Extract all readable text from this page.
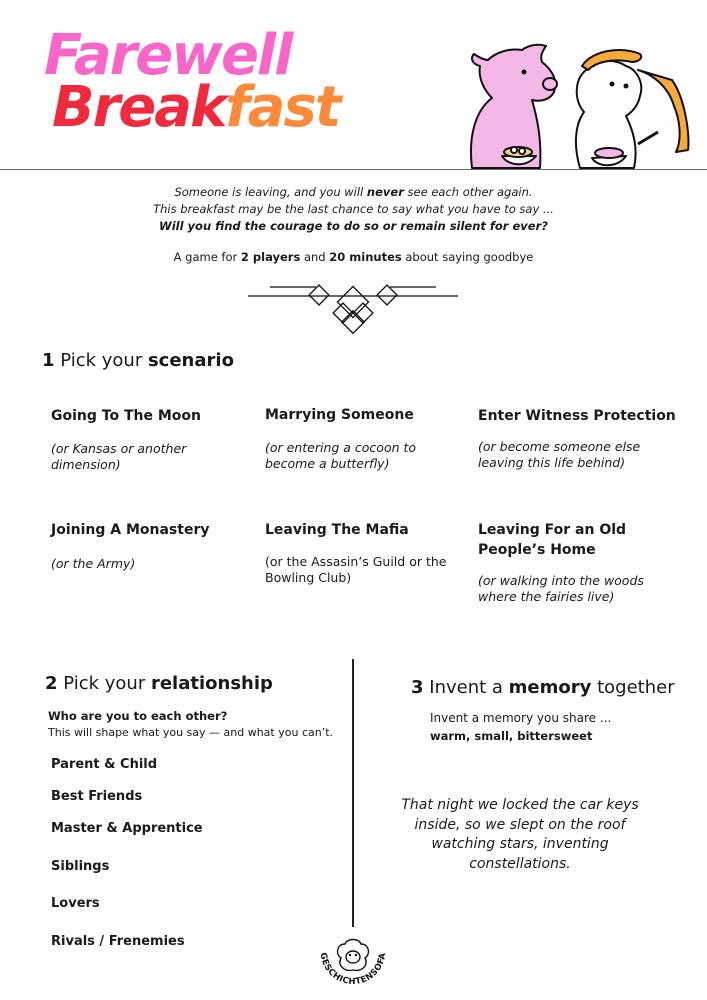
Farewell
Breakfast
Someone is leaving, and you will never see each other again.
This breakfast may be the last chance to say what you have to say ...
Will you find the courage to do so or remain silent for ever?
A game for 2 players and 20 minutes about saying goodbye
1 Pick your scenario
Going To The Moon
(or Kansas or another dimension)
Marrying Someone
(or entering a cocoon to become a butterfly)
Enter Witness Protection
(or become someone else leaving this life behind)
Joining A Monastery
(or the Army)
Leaving The Mafia
(or the Assasin’s Guild or the Bowling Club)
Leaving For an Old People’s Home
(or walking into the woods where the fairies live)
2 Pick your relationship
Who are you to each other?
This will shape what you say — and what you can’t.
Parent & Child
Best Friends
Master & Apprentice
Siblings
Lovers
Rivals / Frenemies
3 Invent a memory together
Invent a memory you share ...
warm, small, bittersweet
That night we locked the car keys inside, so we slept on the roof watching stars, inventing constellations.
GESCHICHTENSOFA
